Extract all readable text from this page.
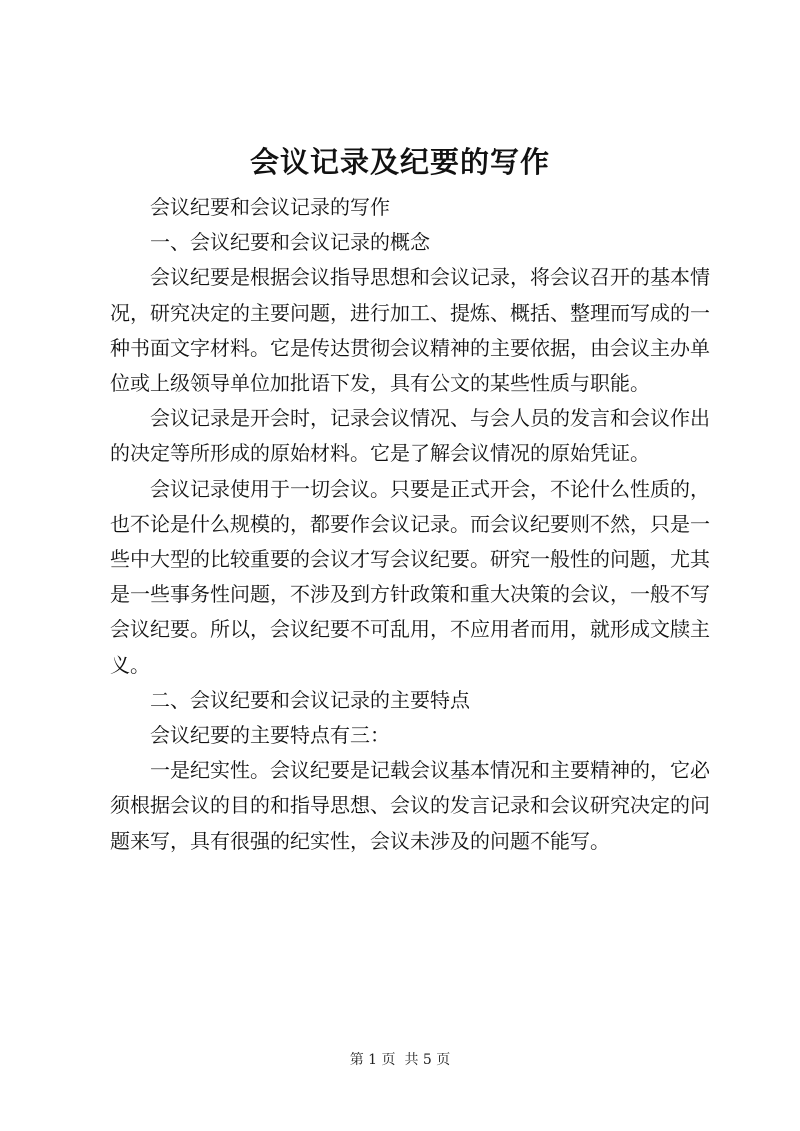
会议记录及纪要的写作

会议纪要和会议记录的写作

一、会议纪要和会议记录的概念

会议纪要是根据会议指导思想和会议记录，将会议召开的基本情况，研究决定的主要问题，进行加工、提炼、概括、整理而写成的一种书面文字材料。它是传达贯彻会议精神的主要依据，由会议主办单位或上级领导单位加批语下发，具有公文的某些性质与职能。

会议记录是开会时，记录会议情况、与会人员的发言和会议作出的决定等所形成的原始材料。它是了解会议情况的原始凭证。

会议记录使用于一切会议。只要是正式开会，不论什么性质的，也不论是什么规模的，都要作会议记录。而会议纪要则不然，只是一些中大型的比较重要的会议才写会议纪要。研究一般性的问题，尤其是一些事务性问题，不涉及到方针政策和重大决策的会议，一般不写会议纪要。所以，会议纪要不可乱用，不应用者而用，就形成文牍主义。

二、会议纪要和会议记录的主要特点

会议纪要的主要特点有三：

一是纪实性。会议纪要是记载会议基本情况和主要精神的，它必须根据会议的目的和指导思想、会议的发言记录和会议研究决定的问题来写，具有很强的纪实性，会议未涉及的问题不能写。

第 1 页  共 5 页
